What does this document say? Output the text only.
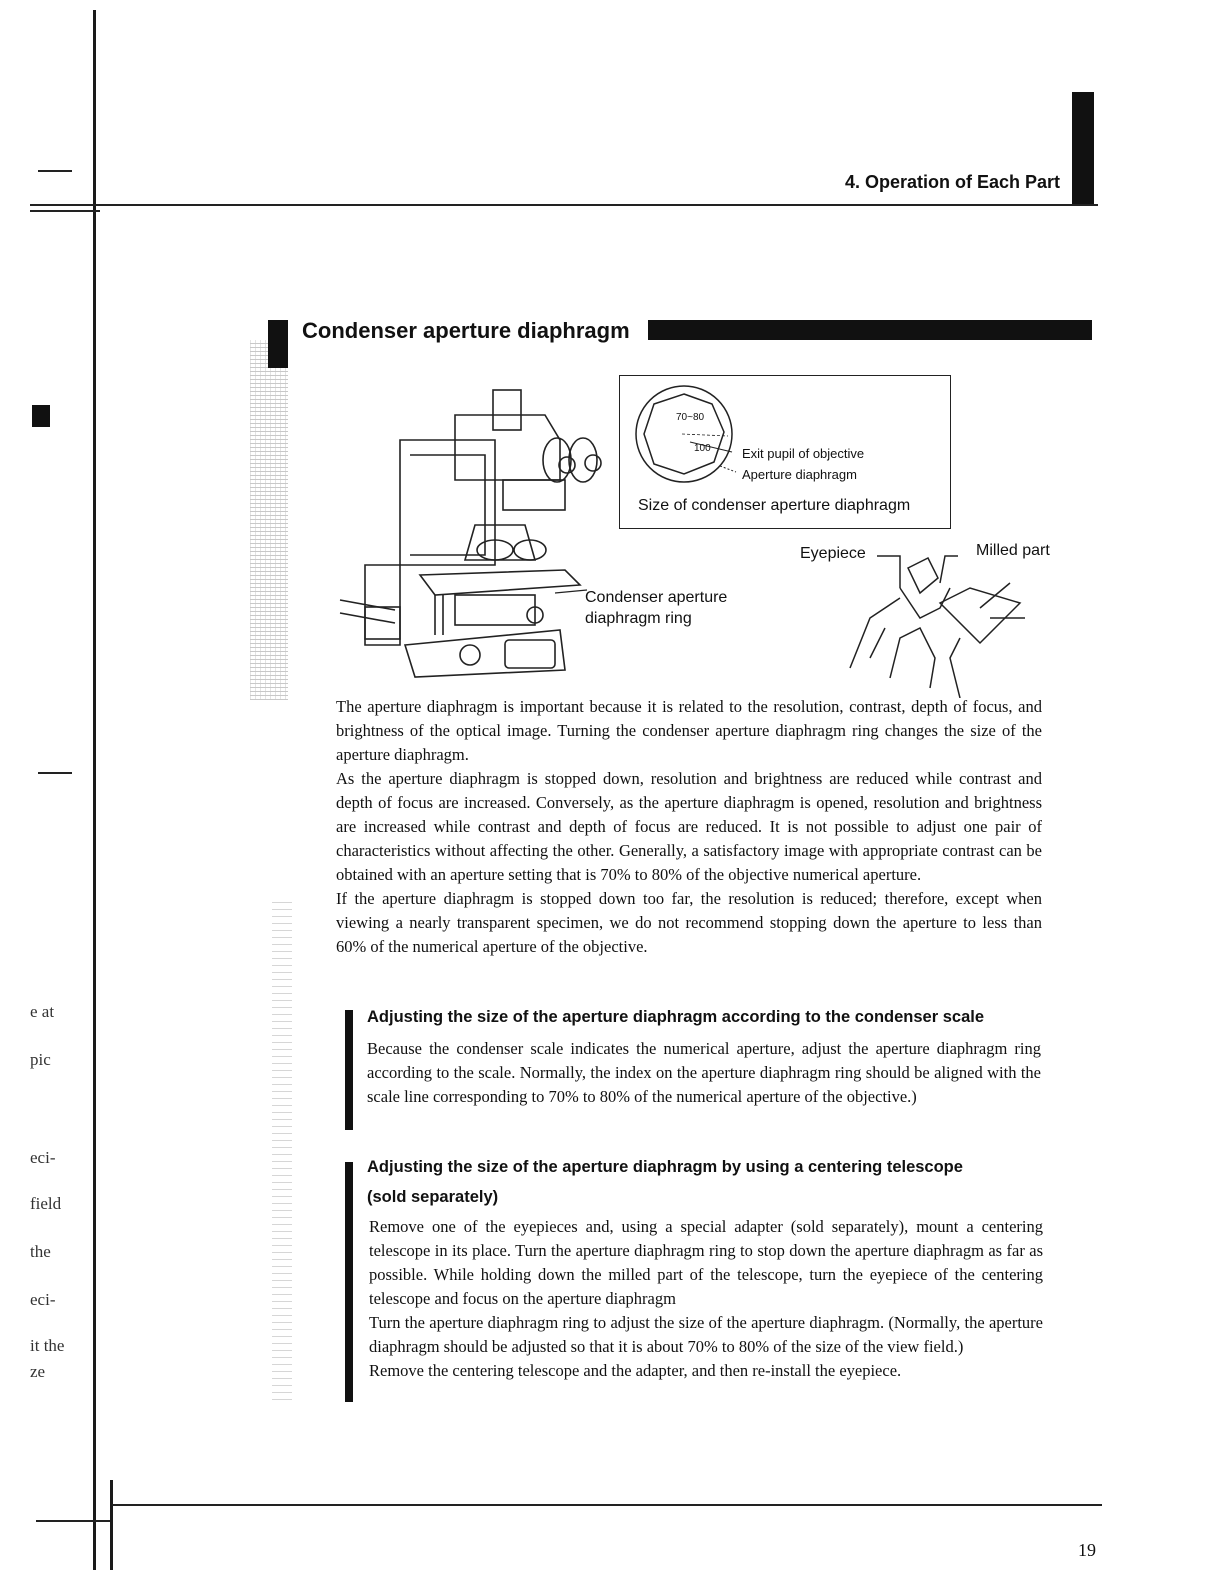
e at
pic
eci-
field
the
eci-
it the
ze
4. Operation of Each Part
Condenser aperture diaphragm
70~80
100 Exit pupil of objective
Aperture diaphragm
Size of condenser aperture diaphragm
Condenser aperture
diaphragm ring
Eyepiece	Milled part

The aperture diaphragm is important because it is related to the resolution, contrast, depth of focus, and brightness of the optical image. Turning the condenser aperture diaphragm ring changes the size of the aperture diaphragm.

As the aperture diaphragm is stopped down, resolution and brightness are reduced while contrast and depth of focus are increased. Conversely, as the aperture diaphragm is opened, resolution and brightness are increased while contrast and depth of focus are reduced. It is not possible to adjust one pair of characteristics without affecting the other. Generally, a satisfactory image with appropriate contrast can be obtained with an aperture setting that is 70% to 80% of the objective numerical aperture.

If the aperture diaphragm is stopped down too far, the resolution is reduced; therefore, except when viewing a nearly transparent specimen, we do not recommend stopping down the aperture to less than 60% of the numerical aperture of the objective.

Adjusting the size of the aperture diaphragm according to the condenser scale

Because the condenser scale indicates the numerical aperture, adjust the aperture diaphragm ring according to the scale. Normally, the index on the aperture diaphragm ring should be aligned with the scale line corresponding to 70% to 80% of the numerical aperture of the objective.)

Adjusting the size of the aperture diaphragm by using a centering telescope
(sold separately)

Remove one of the eyepieces and, using a special adapter (sold separately), mount a centering telescope in its place. Turn the aperture diaphragm ring to stop down the aperture diaphragm as far as possible. While holding down the milled part of the telescope, turn the eyepiece of the centering telescope and focus on the aperture diaphragm

Turn the aperture diaphragm ring to adjust the size of the aperture diaphragm. (Normally, the aperture diaphragm should be adjusted so that it is about 70% to 80% of the size of the view field.)

Remove the centering telescope and the adapter, and then re-install the eyepiece.

19
